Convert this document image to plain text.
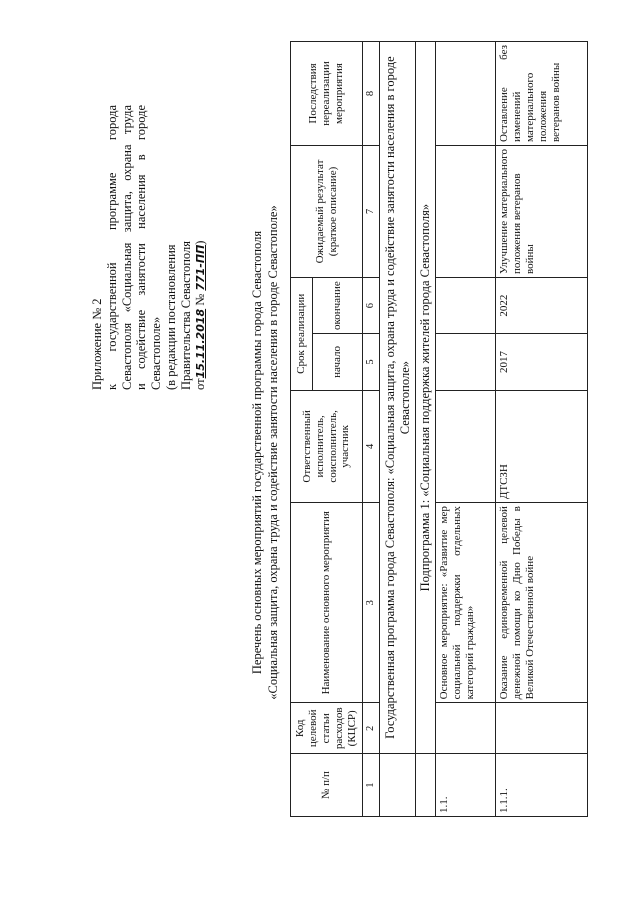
Приложение № 2 к государственной программе города
Севастополя «Социальная защита, охрана труда
и содействие занятости населения в городе
Севастополе» (в редакции постановления Правительства Севастополя от15.11.2018 № 771-ПП)	Перечень основных мероприятий государственной программы города Севастополя «Социальная защита, охрана труда и содействие занятости населения в городе Севастополе»
№ п/п	Код целевой статьи расходов (КЦСР)	Наименование основного мероприятия	Ответственный исполнитель, соисполнитель, участник	Срок реализации		Ожидаемый результат (краткое описание)	Последствия нереализации мероприятия
				начало	окончание		
1	2	3	4	5	6	7	8
	Государственная программа города Севастополя: «Социальная защита, охрана труда и содействие занятости населения в городе Севастополе»						
	Подпрограмма 1: «Социальная поддержка жителей города Севастополя»						
1.1.		Основное мероприятие: «Развитие мер социальной поддержки отдельных категорий граждан»					
1.1.1.		Оказание единовременной целевой денежной помощи ко Дню Победы в Великой Отечественной войне	ДТСЗН	2017	2022	Улучшение материального положения ветеранов войны	Оставление без изменений материального положения ветеранов войны
